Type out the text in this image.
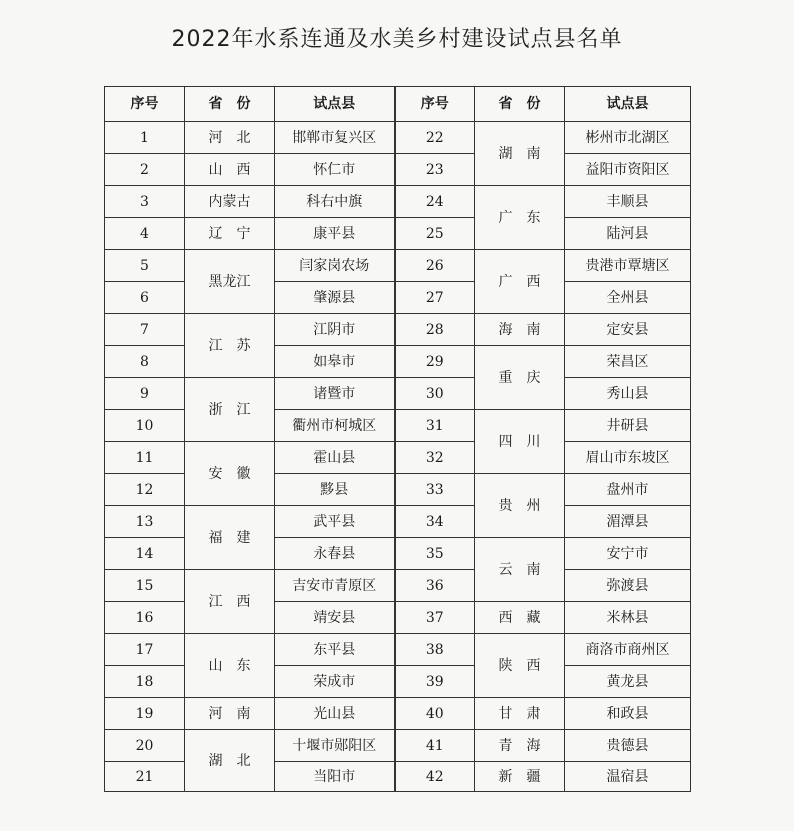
2022年水系连通及水美乡村建设试点县名单
序号	省　份	试点县	序号	省　份	试点县
1	河　北	邯郸市复兴区	22	湖　南	彬州市北湖区
2	山　西	怀仁市	23		益阳市资阳区
3	内蒙古	科右中旗	24	广　东	丰顺县
4	辽　宁	康平县	25		陆河县
5	黑龙江	闫家岗农场	26	广　西	贵港市覃塘区
6		肇源县	27		全州县
7	江　苏	江阴市	28	海　南	定安县
8		如皋市	29	重　庆	荣昌区
9	浙　江	诸暨市	30		秀山县
10		衢州市柯城区	31	四　川	井研县
11	安　徽	霍山县	32		眉山市东坡区
12		黟县	33	贵　州	盘州市
13	福　建	武平县	34		湄潭县
14		永春县	35	云　南	安宁市
15	江　西	吉安市青原区	36		弥渡县
16		靖安县	37	西　藏	米林县
17	山　东	东平县	38	陕　西	商洛市商州区
18		荣成市	39		黄龙县
19	河　南	光山县	40	甘　肃	和政县
20	湖　北	十堰市郧阳区	41	青　海	贵德县
21		当阳市	42	新　疆	温宿县
